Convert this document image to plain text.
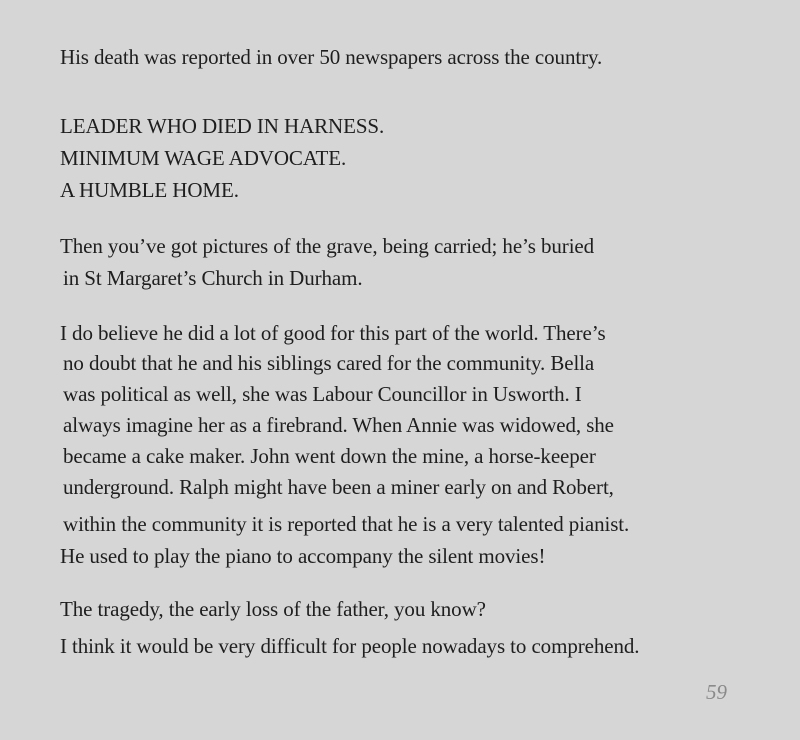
His death was reported in over 50 newspapers across the country.
LEADER WHO DIED IN HARNESS.
MINIMUM WAGE ADVOCATE.
A HUMBLE HOME.
Then you’ve got pictures of the grave, being carried; he’s buried
in St Margaret’s Church in Durham.
I do believe he did a lot of good for this part of the world. There’s
no doubt that he and his siblings cared for the community. Bella
was political as well, she was Labour Councillor in Usworth. I
always imagine her as a firebrand. When Annie was widowed, she
became a cake maker. John went down the mine, a horse-keeper
underground. Ralph might have been a miner early on and Robert,
within the community it is reported that he is a very talented pianist.
He used to play the piano to accompany the silent movies!
The tragedy, the early loss of the father, you know?
I think it would be very difficult for people nowadays to comprehend.
59
